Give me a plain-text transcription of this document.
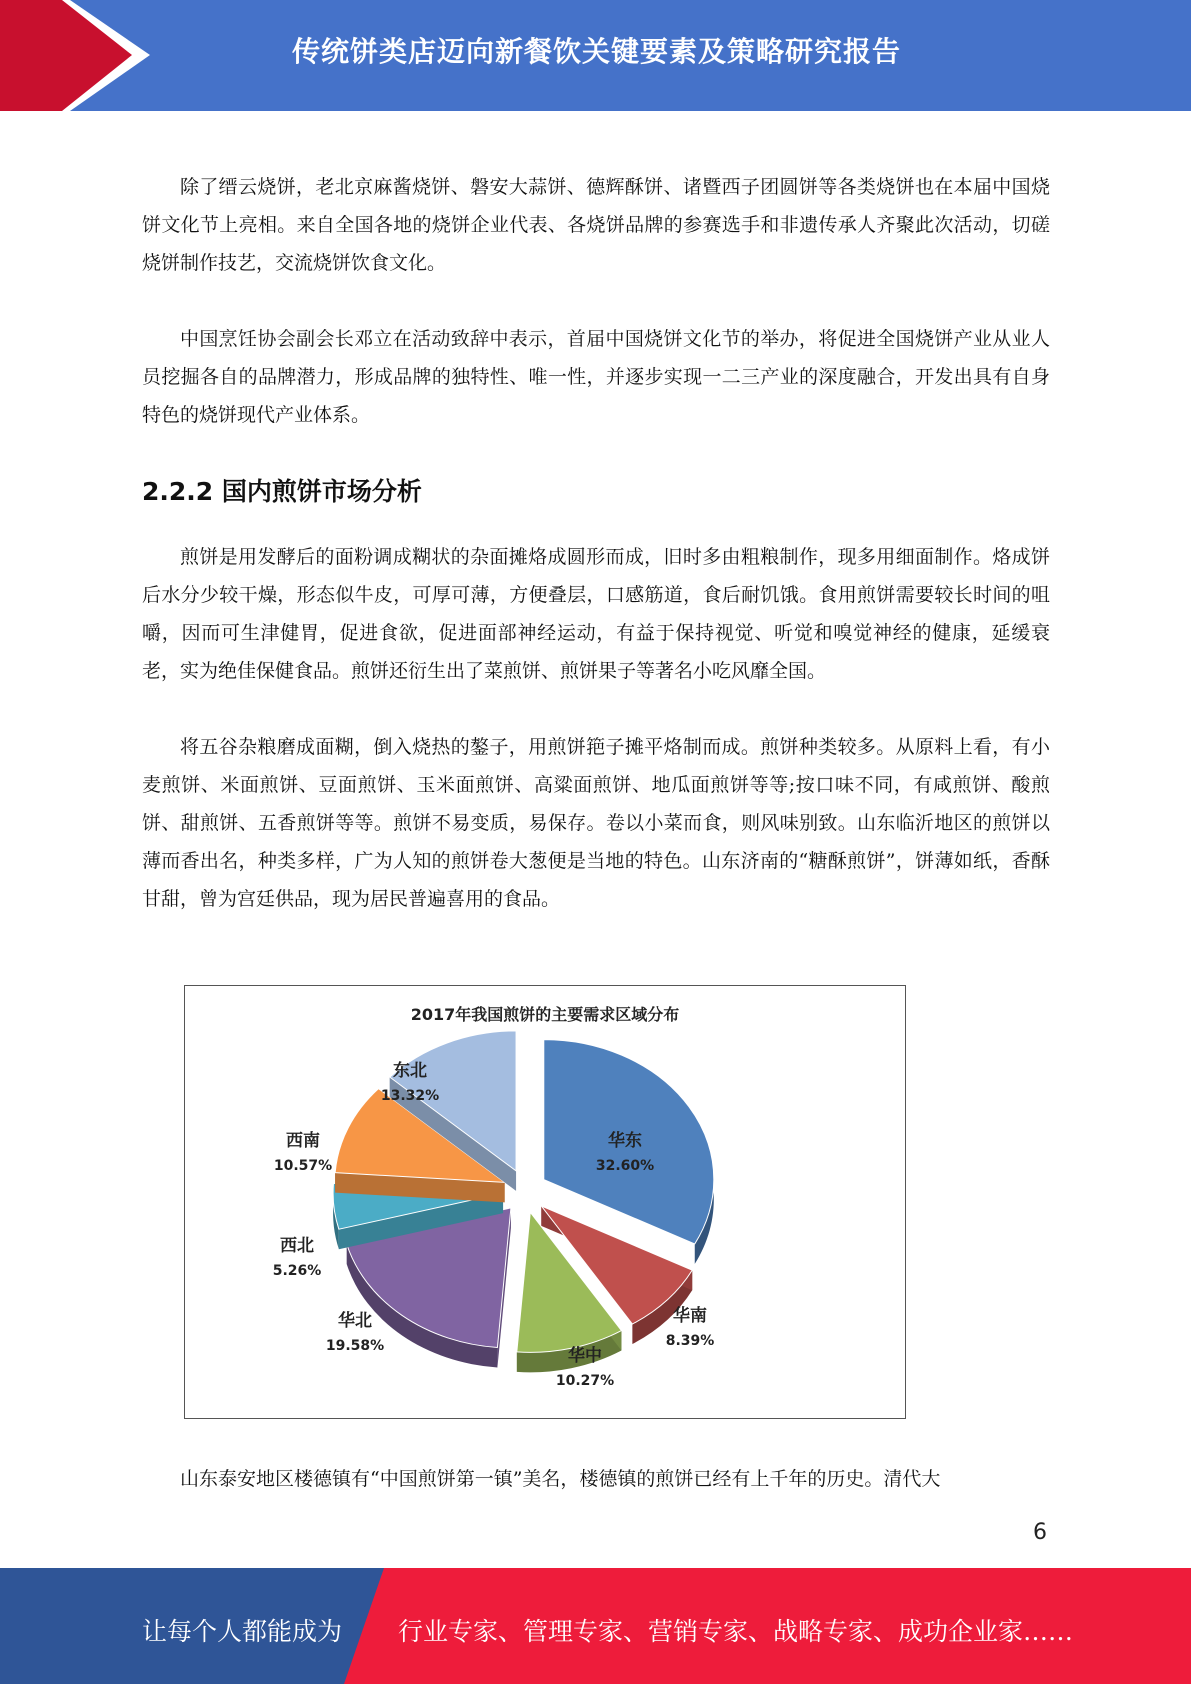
传统饼类店迈向新餐饮关键要素及策略研究报告

除了缙云烧饼，老北京麻酱烧饼、磐安大蒜饼、德辉酥饼、诸暨西子团圆饼等各类烧饼也在本届中国烧饼文化节上亮相。来自全国各地的烧饼企业代表、各烧饼品牌的参赛选手和非遗传承人齐聚此次活动，切磋烧饼制作技艺，交流烧饼饮食文化。

中国烹饪协会副会长邓立在活动致辞中表示，首届中国烧饼文化节的举办，将促进全国烧饼产业从业人员挖掘各自的品牌潜力，形成品牌的独特性、唯一性，并逐步实现一二三产业的深度融合，开发出具有自身特色的烧饼现代产业体系。

2.2.2 国内煎饼市场分析

煎饼是用发酵后的面粉调成糊状的杂面摊烙成圆形而成，旧时多由粗粮制作，现多用细面制作。烙成饼后水分少较干燥，形态似牛皮，可厚可薄，方便叠层，口感筋道，食后耐饥饿。食用煎饼需要较长时间的咀嚼，因而可生津健胃，促进食欲，促进面部神经运动，有益于保持视觉、听觉和嗅觉神经的健康，延缓衰老，实为绝佳保健食品。煎饼还衍生出了菜煎饼、煎饼果子等著名小吃风靡全国。

将五谷杂粮磨成面糊，倒入烧热的鏊子，用煎饼筢子摊平烙制而成。煎饼种类较多。从原料上看，有小麦煎饼、米面煎饼、豆面煎饼、玉米面煎饼、高粱面煎饼、地瓜面煎饼等等;按口味不同，有咸煎饼、酸煎饼、甜煎饼、五香煎饼等等。煎饼不易变质，易保存。卷以小菜而食，则风味别致。山东临沂地区的煎饼以薄而香出名，种类多样，广为人知的煎饼卷大葱便是当地的特色。山东济南的“糖酥煎饼”，饼薄如纸，香酥甘甜，曾为宫廷供品，现为居民普遍喜用的食品。

2017年我国煎饼的主要需求区域分布
华东
32.60%
华南
8.39%
华中
10.27%
华北
19.58%
西北
5.26%
西南
10.57%
东北
13.32%

山东泰安地区楼德镇有“中国煎饼第一镇”美名，楼德镇的煎饼已经有上千年的历史。清代大

6
让每个人都能成为 行业专家、管理专家、营销专家、战略专家、成功企业家……
